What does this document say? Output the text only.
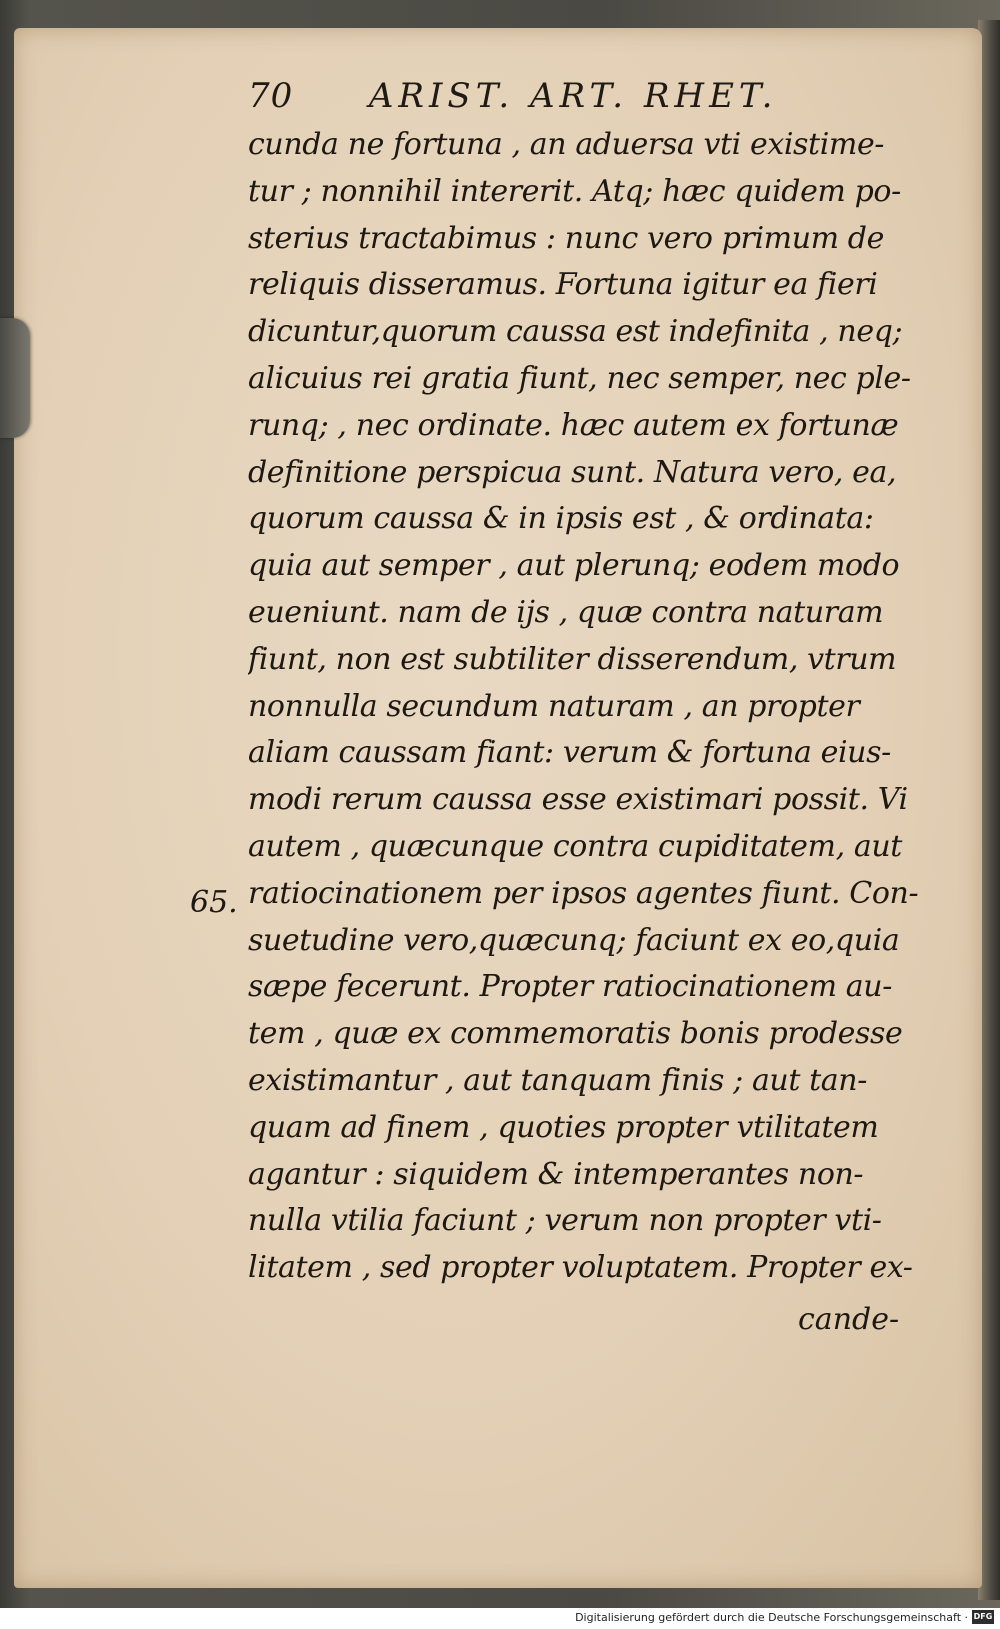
70 ARIST. ART. RHET.
65.
cunda ne fortuna , an aduersa vti existime-
tur ; nonnihil intererit. Atq; hæc quidem po-
sterius tractabimus : nunc vero primum de
reliquis disseramus. Fortuna igitur ea fieri
dicuntur,quorum caussa est indefinita , neq;
alicuius rei gratia fiunt, nec semper, nec ple-
runq; , nec ordinate. hæc autem ex fortunæ
definitione perspicua sunt. Natura vero, ea,
quorum caussa & in ipsis est , & ordinata:
quia aut semper , aut plerunq; eodem modo
eueniunt. nam de ijs , quæ contra naturam
fiunt, non est subtiliter disserendum, vtrum
nonnulla secundum naturam , an propter
aliam caussam fiant: verum & fortuna eius-
modi rerum caussa esse existimari possit. Vi
autem , quæcunque contra cupiditatem, aut
ratiocinationem per ipsos agentes fiunt. Con-
suetudine vero,quæcunq; faciunt ex eo,quia
sæpe fecerunt. Propter ratiocinationem au-
tem , quæ ex commemoratis bonis prodesse
existimantur , aut tanquam finis ; aut tan-
quam ad finem , quoties propter vtilitatem
agantur : siquidem & intemperantes non-
nulla vtilia faciunt ; verum non propter vti-
litatem , sed propter voluptatem. Propter ex-
cande-
Digitalisierung gefördert durch die Deutsche Forschungsgemeinschaft · DFG
